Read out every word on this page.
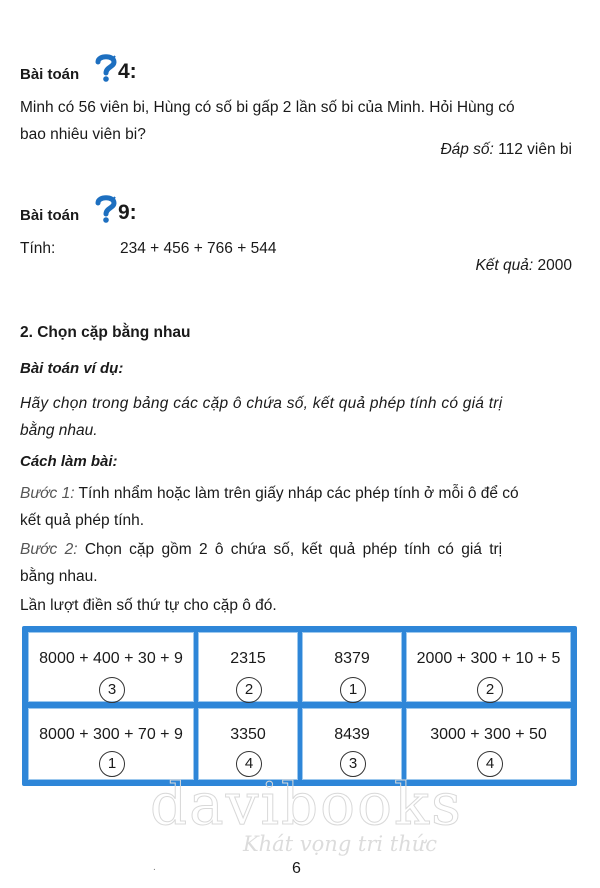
Bài toán 4:
Minh có 56 viên bi, Hùng có số bi gấp 2 lần số bi của Minh. Hỏi Hùng có
bao nhiêu viên bi?
Đáp số: 112 viên bi
Bài toán 9:
Tính:	234 + 456 + 766 + 544
Kết quả: 2000
2. Chọn cặp bằng nhau
Bài toán ví dụ:
Hãy chọn trong bảng các cặp ô chứa số, kết quả phép tính có giá trị
bằng nhau.
Cách làm bài:
Bước 1: Tính nhẩm hoặc làm trên giấy nháp các phép tính ở mỗi ô để có
kết quả phép tính.
Bước 2: Chọn cặp gồm 2 ô chứa số, kết quả phép tính có giá trị
bằng nhau.
Lần lượt điền số thứ tự cho cặp ô đó.
8000 + 400 + 30 + 9
3
2315
2
8379
1
2000 + 300 + 10 + 5
2
8000 + 300 + 70 + 9
1
3350
4
8439
3
3000 + 300 + 50
4
davibooks
Khát vọng tri thức
.	6
